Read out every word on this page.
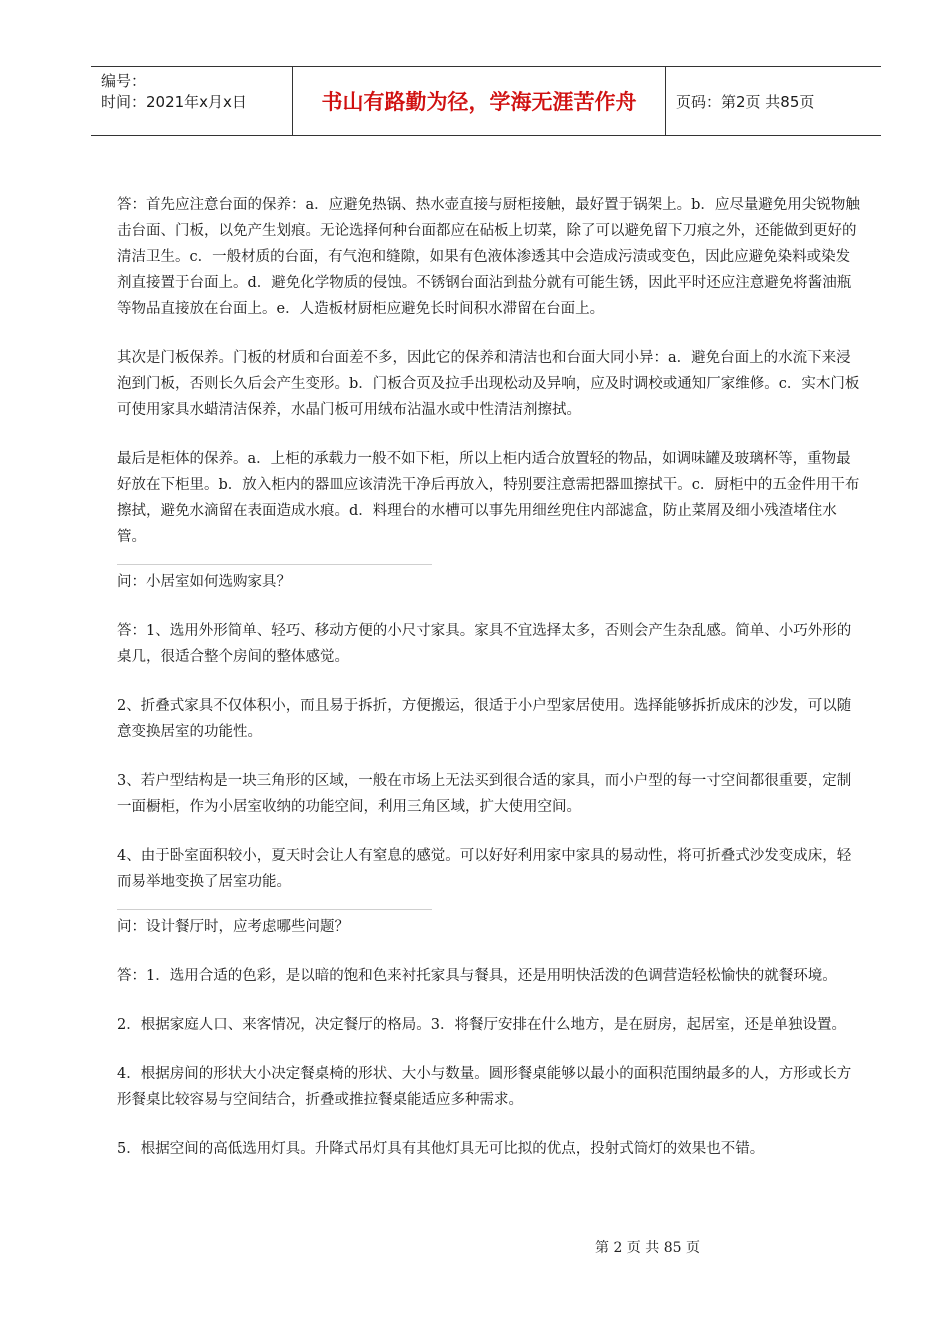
编号：
时间：2021年x月x日	书山有路勤为径，学海无涯苦作舟	页码：第2页 共85页

答：首先应注意台面的保养：a．应避免热锅、热水壶直接与厨柜接触，最好置于锅架上。b．应尽量避免用尖锐物触击台面、门板，以免产生划痕。无论选择何种台面都应在砧板上切菜，除了可以避免留下刀痕之外，还能做到更好的清洁卫生。c．一般材质的台面，有气泡和缝隙，如果有色液体渗透其中会造成污渍或变色，因此应避免染料或染发剂直接置于台面上。d．避免化学物质的侵蚀。不锈钢台面沾到盐分就有可能生锈，因此平时还应注意避免将酱油瓶等物品直接放在台面上。e．人造板材厨柜应避免长时间积水滞留在台面上。

其次是门板保养。门板的材质和台面差不多，因此它的保养和清洁也和台面大同小异：a．避免台面上的水流下来浸泡到门板，否则长久后会产生变形。b．门板合页及拉手出现松动及异响，应及时调校或通知厂家维修。c．实木门板可使用家具水蜡清洁保养，水晶门板可用绒布沾温水或中性清洁剂擦拭。

最后是柜体的保养。a．上柜的承载力一般不如下柜，所以上柜内适合放置轻的物品，如调味罐及玻璃杯等，重物最好放在下柜里。b．放入柜内的器皿应该清洗干净后再放入，特别要注意需把器皿擦拭干。c．厨柜中的五金件用干布擦拭，避免水滴留在表面造成水痕。d．料理台的水槽可以事先用细丝兜住内部滤盒，防止菜屑及细小残渣堵住水管。

问：小居室如何选购家具？

答：1、选用外形简单、轻巧、移动方便的小尺寸家具。家具不宜选择太多，否则会产生杂乱感。简单、小巧外形的桌几，很适合整个房间的整体感觉。

2、折叠式家具不仅体积小，而且易于拆折，方便搬运，很适于小户型家居使用。选择能够拆折成床的沙发，可以随意变换居室的功能性。

3、若户型结构是一块三角形的区域，一般在市场上无法买到很合适的家具，而小户型的每一寸空间都很重要，定制一面橱柜，作为小居室收纳的功能空间，利用三角区域，扩大使用空间。

4、由于卧室面积较小，夏天时会让人有窒息的感觉。可以好好利用家中家具的易动性，将可折叠式沙发变成床，轻而易举地变换了居室功能。

问：设计餐厅时，应考虑哪些问题？

答：1．选用合适的色彩，是以暗的饱和色来衬托家具与餐具，还是用明快活泼的色调营造轻松愉快的就餐环境。

2．根据家庭人口、来客情况，决定餐厅的格局。3．将餐厅安排在什么地方，是在厨房，起居室，还是单独设置。

4．根据房间的形状大小决定餐桌椅的形状、大小与数量。圆形餐桌能够以最小的面积范围纳最多的人，方形或长方形餐桌比较容易与空间结合，折叠或推拉餐桌能适应多种需求。

5．根据空间的高低选用灯具。升降式吊灯具有其他灯具无可比拟的优点，投射式筒灯的效果也不错。

第 2 页 共 85 页
